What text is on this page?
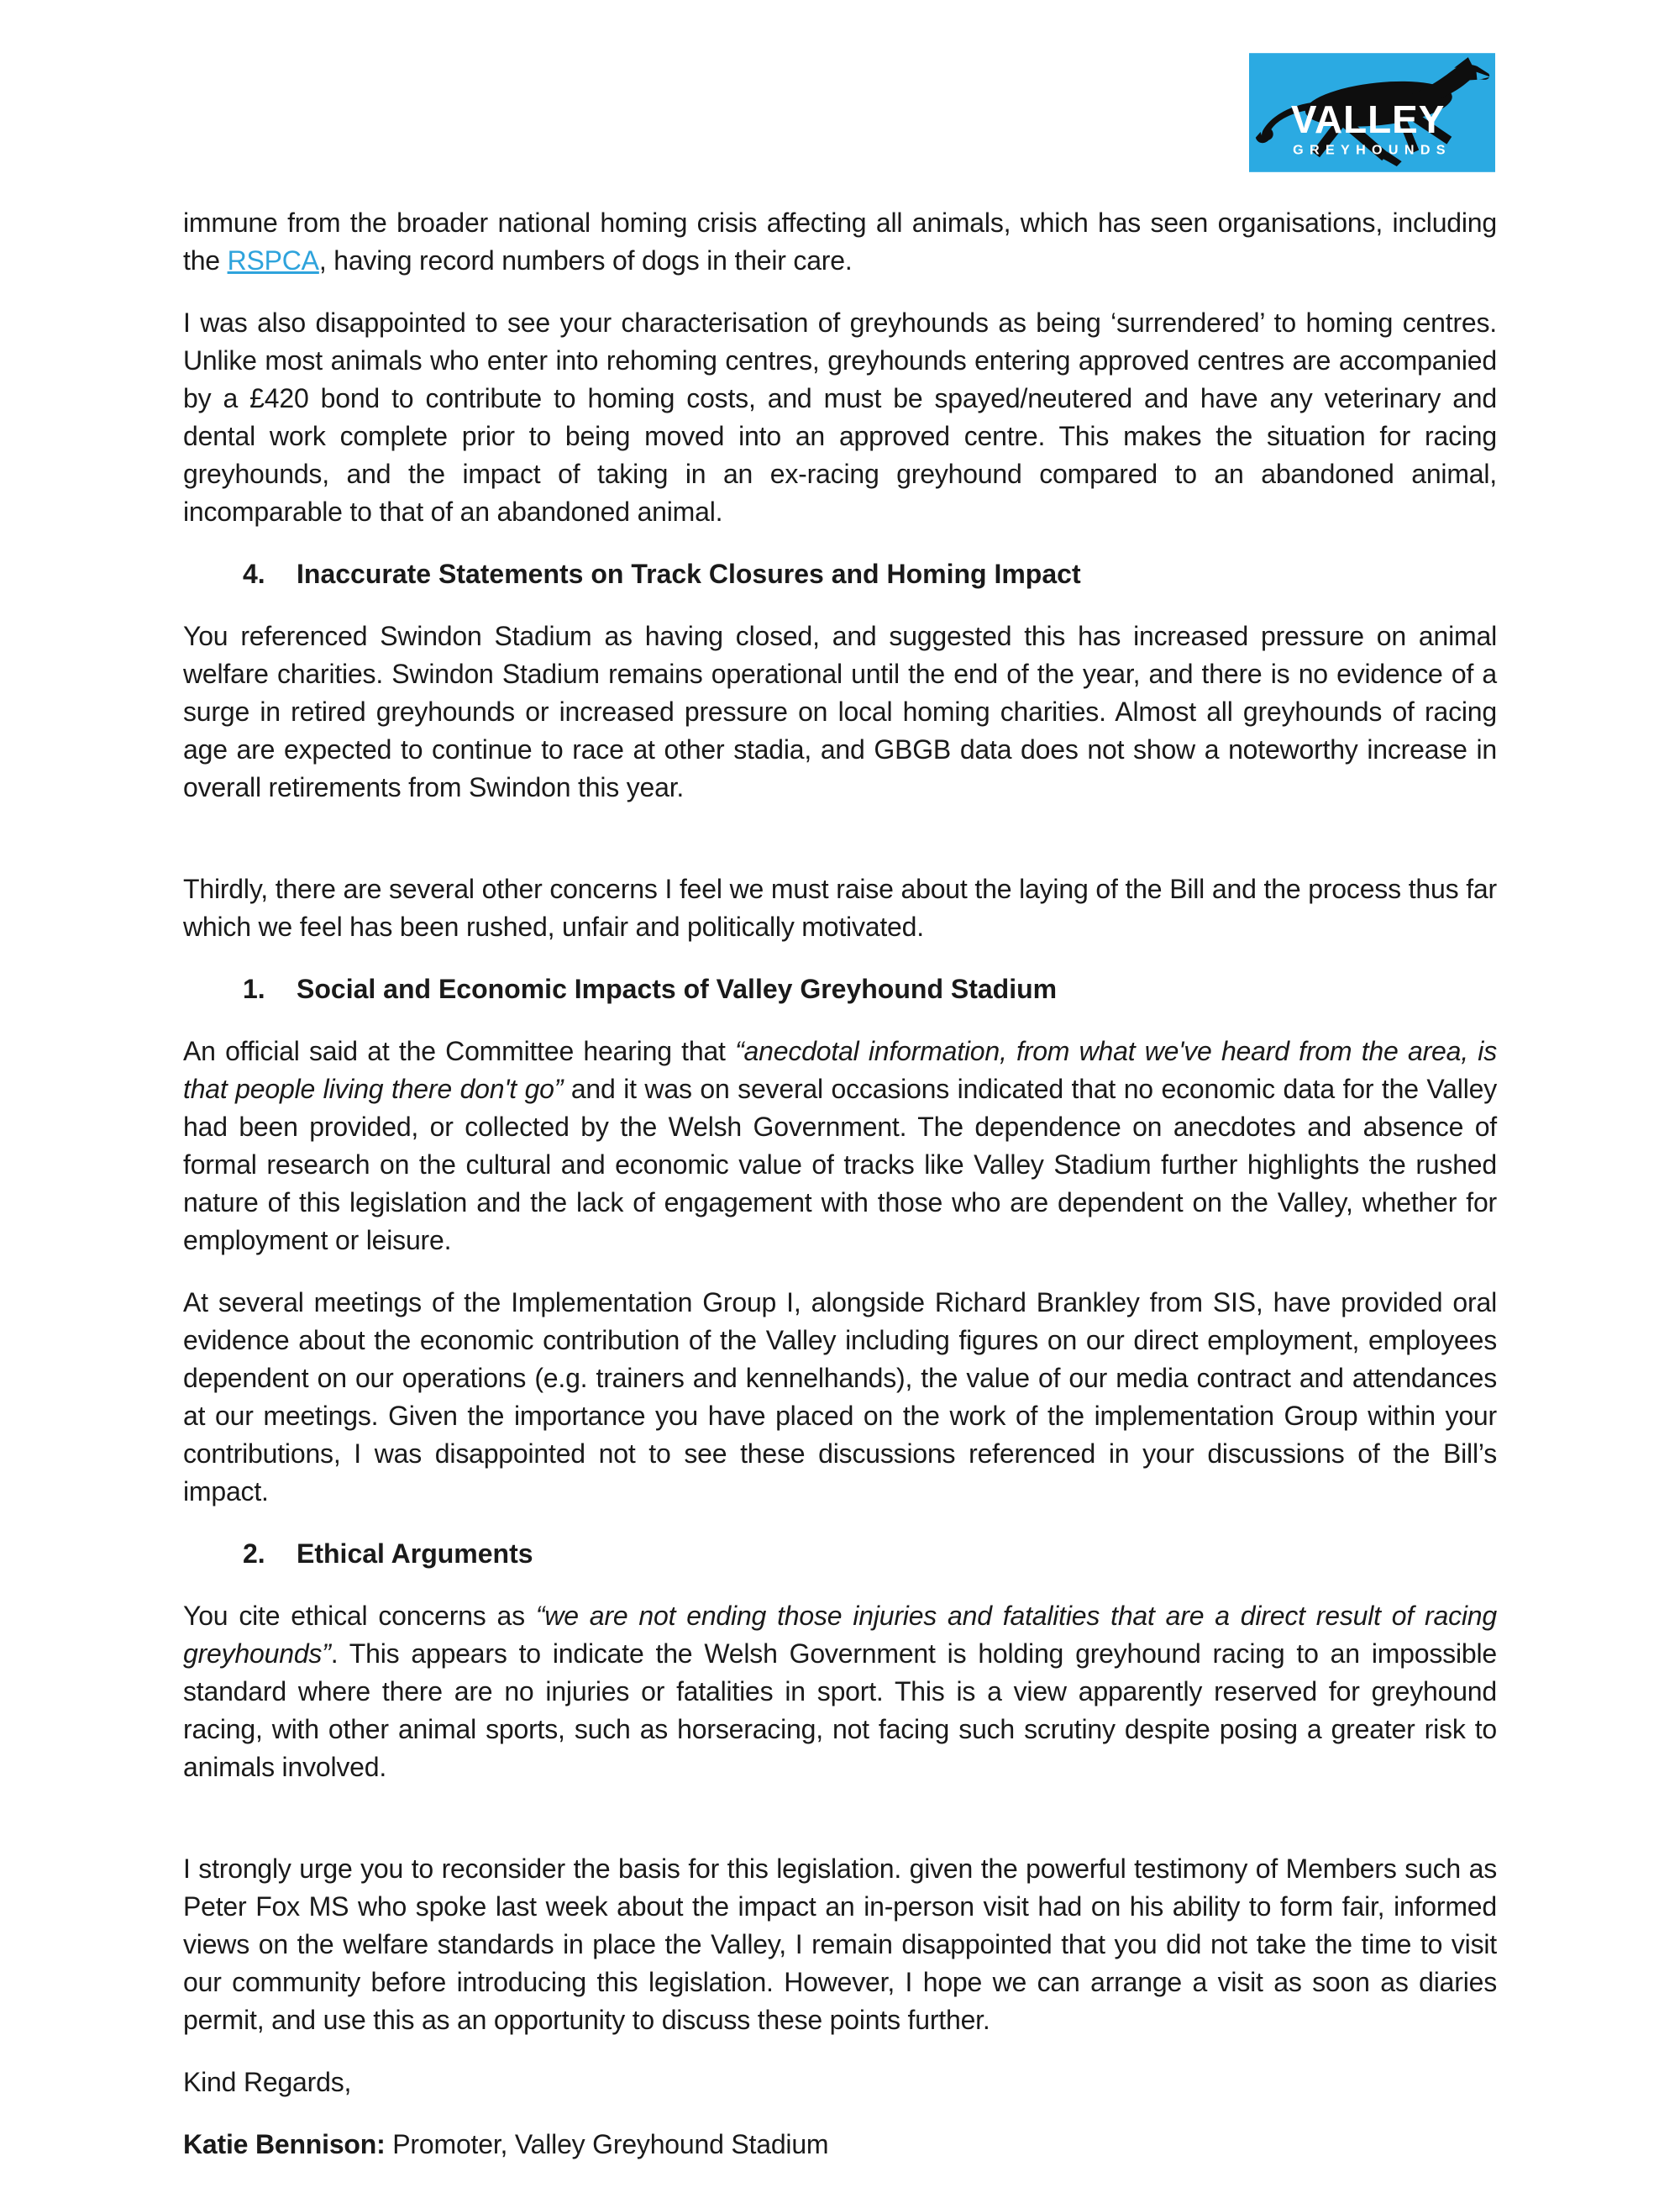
VALLEY
GREYHOUNDS

immune from the broader national homing crisis affecting all animals, which has seen organisations, including the RSPCA, having record numbers of dogs in their care.

I was also disappointed to see your characterisation of greyhounds as being ‘surrendered’ to homing centres. Unlike most animals who enter into rehoming centres, greyhounds entering approved centres are accompanied by a £420 bond to contribute to homing costs, and must be spayed/neutered and have any veterinary and dental work complete prior to being moved into an approved centre. This makes the situation for racing greyhounds, and the impact of taking in an ex-racing greyhound compared to an abandoned animal, incomparable to that of an abandoned animal.

4.	Inaccurate Statements on Track Closures and Homing Impact

You referenced Swindon Stadium as having closed, and suggested this has increased pressure on animal welfare charities. Swindon Stadium remains operational until the end of the year, and there is no evidence of a surge in retired greyhounds or increased pressure on local homing charities. Almost all greyhounds of racing age are expected to continue to race at other stadia, and GBGB data does not show a noteworthy increase in overall retirements from Swindon this year.

Thirdly, there are several other concerns I feel we must raise about the laying of the Bill and the process thus far which we feel has been rushed, unfair and politically motivated.

1.	Social and Economic Impacts of Valley Greyhound Stadium

An official said at the Committee hearing that “anecdotal information, from what we've heard from the area, is that people living there don't go” and it was on several occasions indicated that no economic data for the Valley had been provided, or collected by the Welsh Government. The dependence on anecdotes and absence of formal research on the cultural and economic value of tracks like Valley Stadium further highlights the rushed nature of this legislation and the lack of engagement with those who are dependent on the Valley, whether for employment or leisure.

At several meetings of the Implementation Group I, alongside Richard Brankley from SIS, have provided oral evidence about the economic contribution of the Valley including figures on our direct employment, employees dependent on our operations (e.g. trainers and kennelhands), the value of our media contract and attendances at our meetings. Given the importance you have placed on the work of the implementation Group within your contributions, I was disappointed not to see these discussions referenced in your discussions of the Bill’s impact.

2.	Ethical Arguments

You cite ethical concerns as “we are not ending those injuries and fatalities that are a direct result of racing greyhounds”. This appears to indicate the Welsh Government is holding greyhound racing to an impossible standard where there are no injuries or fatalities in sport. This is a view apparently reserved for greyhound racing, with other animal sports, such as horseracing, not facing such scrutiny despite posing a greater risk to animals involved.

I strongly urge you to reconsider the basis for this legislation. given the powerful testimony of Members such as Peter Fox MS who spoke last week about the impact an in-person visit had on his ability to form fair, informed views on the welfare standards in place the Valley, I remain disappointed that you did not take the time to visit our community before introducing this legislation. However, I hope we can arrange a visit as soon as diaries permit, and use this as an opportunity to discuss these points further.

Kind Regards,

Katie Bennison: Promoter, Valley Greyhound Stadium
